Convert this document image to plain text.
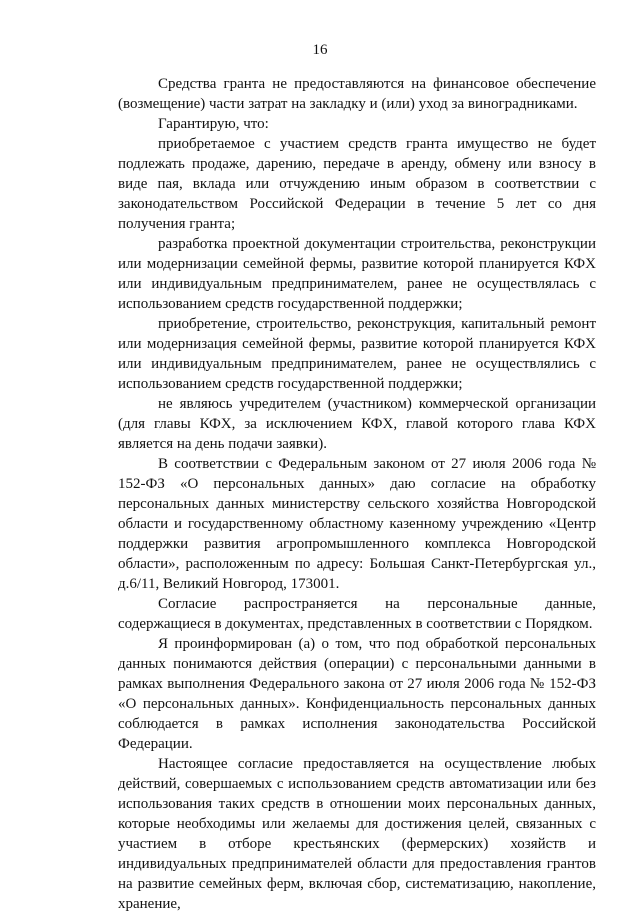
16

Средства гранта не предоставляются на финансовое обеспечение (возмещение) части затрат на закладку и (или) уход за виноградниками.

Гарантирую, что:

приобретаемое с участием средств гранта имущество не будет подлежать продаже, дарению, передаче в аренду, обмену или взносу в виде пая, вклада или отчуждению иным образом в соответствии с законодательством Российской Федерации в течение 5 лет со дня получения гранта;

разработка проектной документации строительства, реконструкции или модернизации семейной фермы, развитие которой планируется КФХ или индивидуальным предпринимателем, ранее не осуществлялась с использованием средств государственной поддержки;

приобретение, строительство, реконструкция, капитальный ремонт или модернизация семейной фермы, развитие которой планируется КФХ или индивидуальным предпринимателем, ранее не осуществлялись с использованием средств государственной поддержки;

не являюсь учредителем (участником) коммерческой организации (для главы КФХ, за исключением КФХ, главой которого глава КФХ является на день подачи заявки).

В соответствии с Федеральным законом от 27 июля 2006 года № 152-ФЗ «О персональных данных» даю согласие на обработку персональных данных министерству сельского хозяйства Новгородской области и государственному областному казенному учреждению «Центр поддержки развития агропромышленного комплекса Новгородской области», расположенным по адресу: Большая Санкт-Петербургская ул., д.6/11, Великий Новгород, 173001.

Согласие распространяется на персональные данные, содержащиеся в документах, представленных в соответствии с Порядком.

Я проинформирован (а) о том, что под обработкой персональных данных понимаются действия (операции) с персональными данными в рамках выполнения Федерального закона от 27 июля 2006 года № 152-ФЗ «О персональных данных». Конфиденциальность персональных данных соблюдается в рамках исполнения законодательства Российской Федерации.

Настоящее согласие предоставляется на осуществление любых действий, совершаемых с использованием средств автоматизации или без использования таких средств в отношении моих персональных данных, которые необходимы или желаемы для достижения целей, связанных с участием в отборе крестьянских (фермерских) хозяйств и индивидуальных предпринимателей области для предоставления грантов на развитие семейных ферм, включая сбор, систематизацию, накопление, хранение,
